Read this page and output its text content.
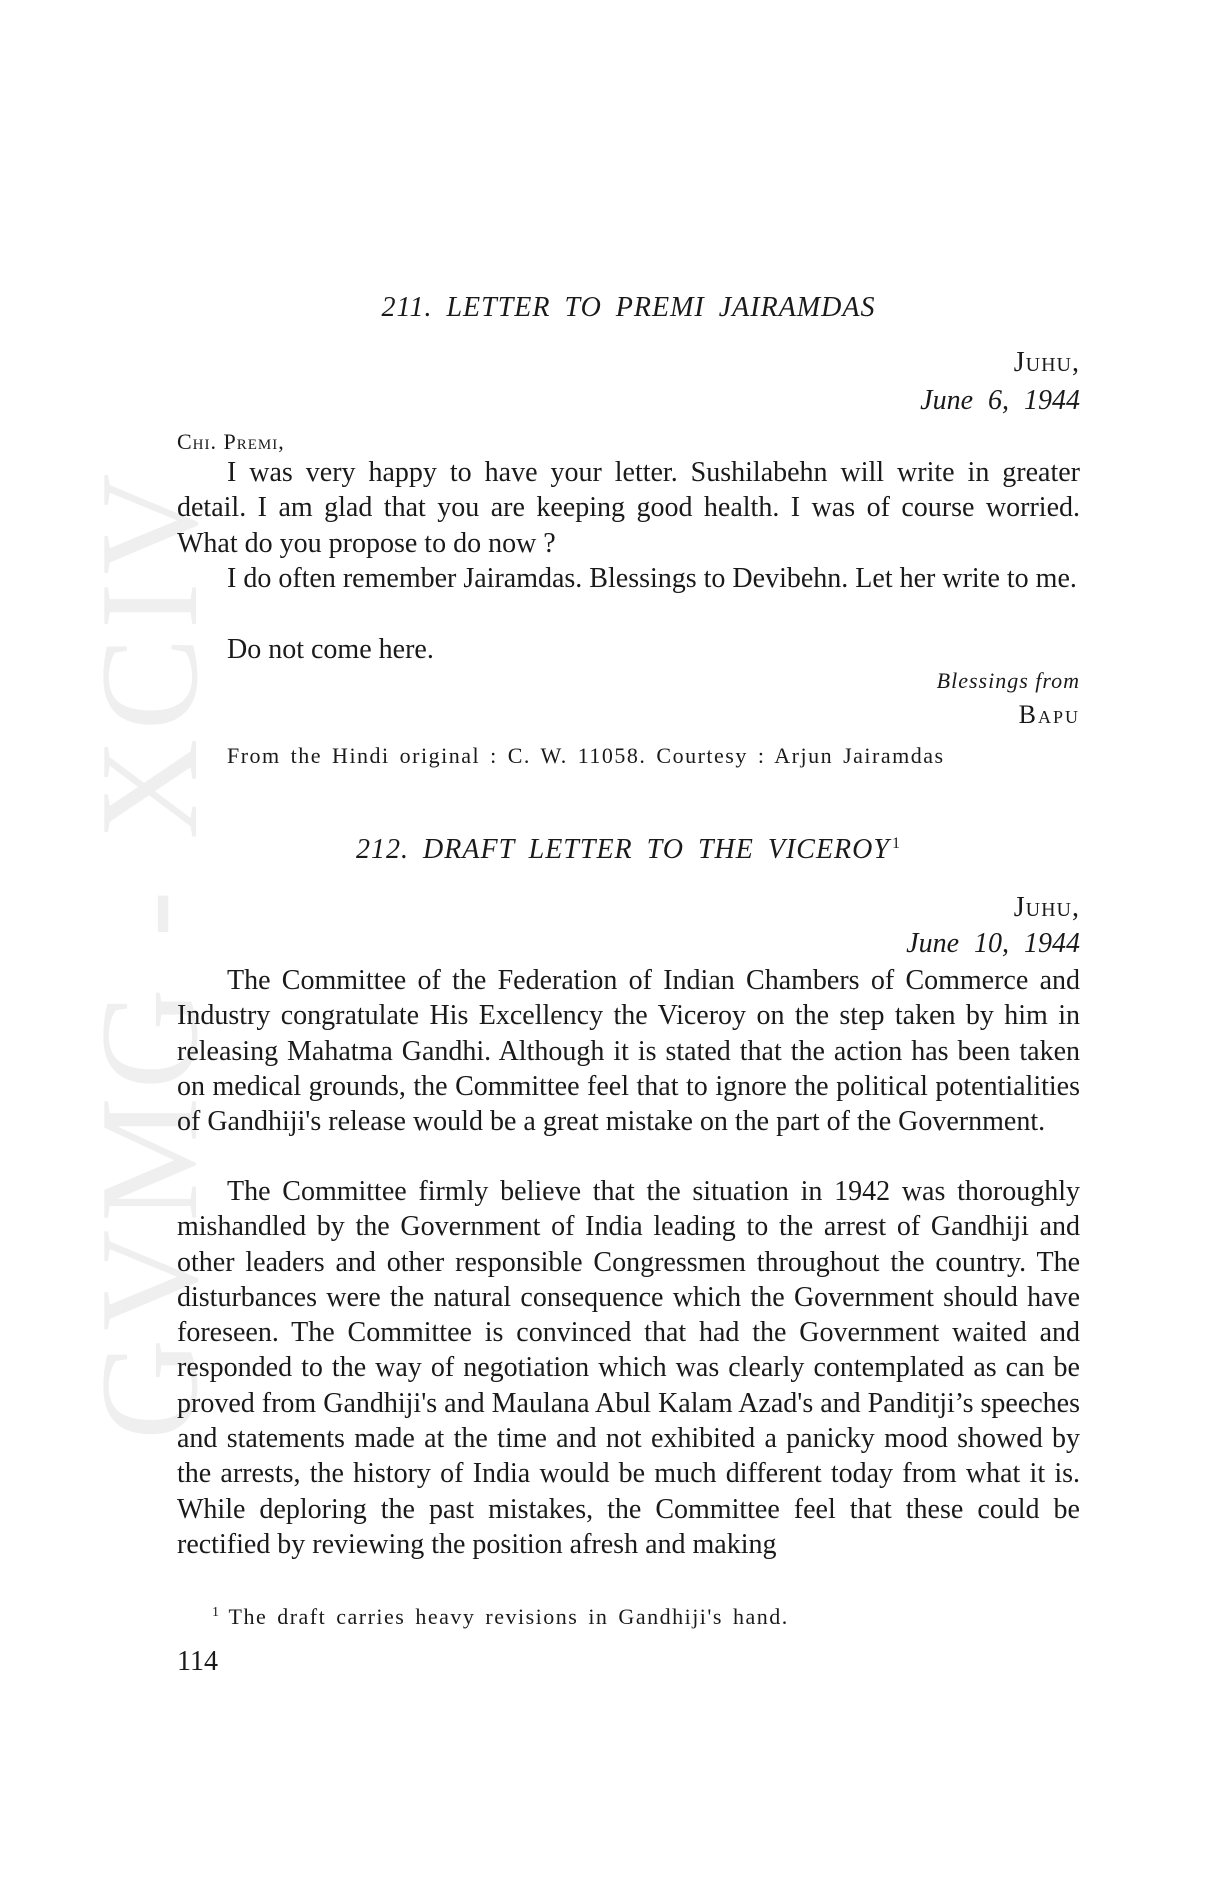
GVMG - XCIV
211. LETTER TO PREMI JAIRAMDAS
Juhu,
June 6, 1944
Chi. Premi,

I was very happy to have your letter. Sushilabehn will write in greater detail. I am glad that you are keeping good health. I was of course worried. What do you propose to do now ?

I do often remember Jairamdas. Blessings to Devibehn. Let her write to me.

Do not come here.

Blessings from
Bapu
From the Hindi original : C. W. 11058. Courtesy : Arjun Jairamdas
212. DRAFT LETTER TO THE VICEROY $^1$
Juhu,
June 10, 1944

The Committee of the Federation of Indian Chambers of Commerce and Industry congratulate His Excellency the Viceroy on the step taken by him in releasing Mahatma Gandhi. Although it is stated that the action has been taken on medical grounds, the Committee feel that to ignore the political potentialities of Gandhiji's release would be a great mistake on the part of the Government.

The Committee firmly believe that the situation in 1942 was thoroughly mishandled by the Government of India leading to the arrest of Gandhiji and other leaders and other responsible Congressmen throughout the country. The disturbances were the natural consequence which the Government should have foreseen. The Committee is convinced that had the Government waited and responded to the way of negotiation which was clearly contemplated as can be proved from Gandhiji's and Maulana Abul Kalam Azad's and Panditji’s speeches and statements made at the time and not exhibited a panicky mood showed by the arrests, the history of India would be much different today from what it is. While deploring the past mistakes, the Committee feel that these could be rectified by reviewing the position afresh and making

$^1$ The draft carries heavy revisions in Gandhiji's hand.
114
